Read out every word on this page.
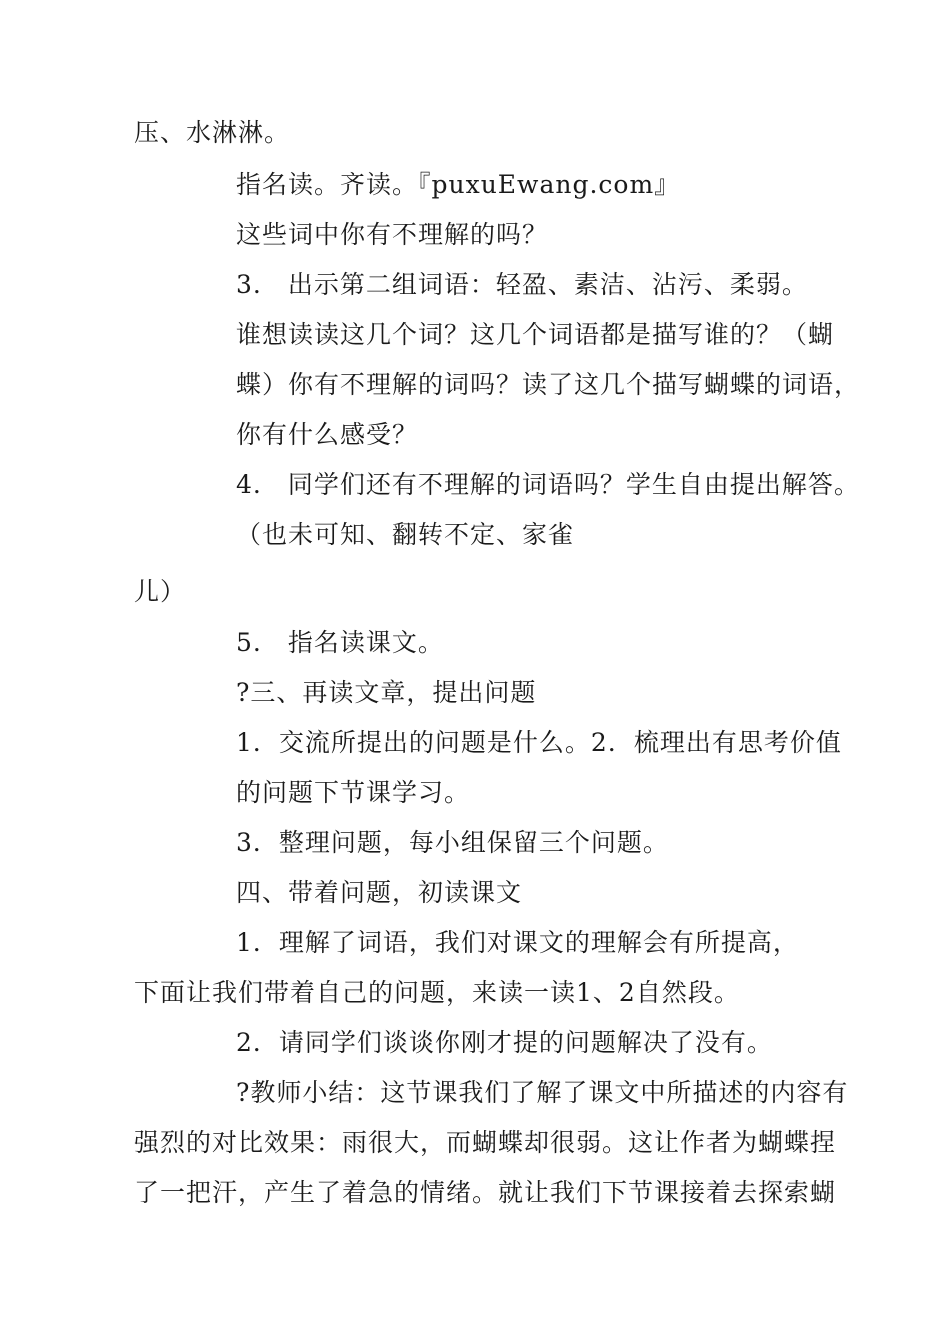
压、水淋淋。
指名读。齐读。『puxuEwang.com』
这些词中你有不理解的吗？
3.　出示第二组词语：轻盈、素洁、沾污、柔弱。
谁想读读这几个词？这几个词语都是描写谁的？（蝴
蝶）你有不理解的词吗？读了这几个描写蝴蝶的词语，
你有什么感受？
4.　同学们还有不理解的词语吗？学生自由提出解答。
（也未可知、翻转不定、家雀
儿）
5.　指名读课文。
?三、再读文章，提出问题
1．交流所提出的问题是什么。2．梳理出有思考价值
的问题下节课学习。
3．整理问题，每小组保留三个问题。
四、带着问题，初读课文
1．理解了词语，我们对课文的理解会有所提高，
下面让我们带着自己的问题，来读一读1、2自然段。
2．请同学们谈谈你刚才提的问题解决了没有。
?教师小结：这节课我们了解了课文中所描述的内容有
强烈的对比效果：雨很大，而蝴蝶却很弱。这让作者为蝴蝶捏
了一把汗，产生了着急的情绪。就让我们下节课接着去探索蝴
